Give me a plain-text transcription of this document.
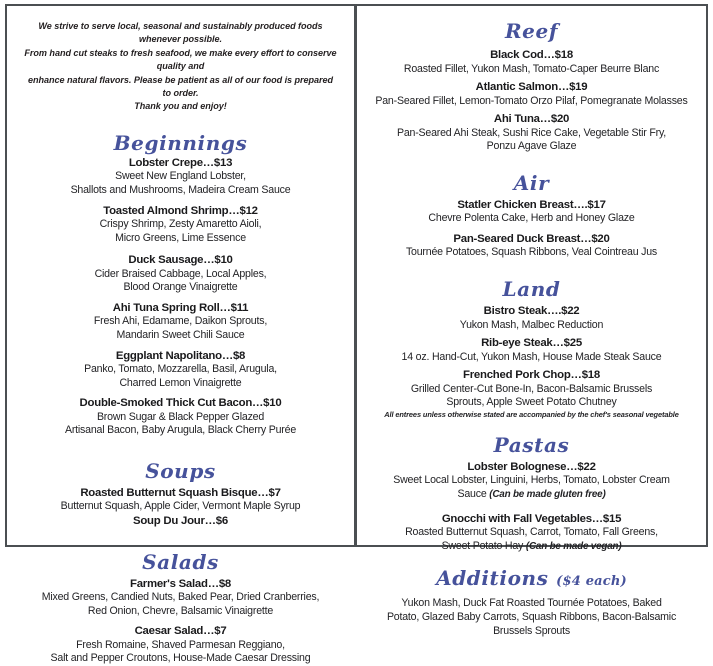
We strive to serve local, seasonal and sustainably produced foods whenever possible.

From hand cut steaks to fresh seafood, we make every effort to conserve quality and

enhance natural flavors. Please be patient as all of our food is prepared to order.

Thank you and enjoy!

Beginnings

Lobster Crepe…$13

Sweet New England Lobster,

Shallots and Mushrooms, Madeira Cream Sauce

Toasted Almond Shrimp…$12

Crispy Shrimp, Zesty Amaretto Aioli,

Micro Greens, Lime Essence

Duck Sausage…$10

Cider Braised Cabbage, Local Apples,

Blood Orange Vinaigrette

Ahi Tuna Spring Roll…$11

Fresh Ahi, Edamame, Daikon Sprouts,

Mandarin Sweet Chili Sauce

Eggplant Napolitano…$8

Panko, Tomato, Mozzarella, Basil, Arugula,

Charred Lemon Vinaigrette

Double-Smoked Thick Cut Bacon…$10

Brown Sugar & Black Pepper Glazed

Artisanal Bacon, Baby Arugula, Black Cherry Purée

Soups

Roasted Butternut Squash Bisque…$7

Butternut Squash, Apple Cider, Vermont Maple Syrup

Soup Du Jour…$6

Salads

Farmer's Salad…$8

Mixed Greens, Candied Nuts, Baked Pear, Dried Cranberries,

Red Onion, Chevre, Balsamic Vinaigrette

Caesar Salad…$7

Fresh Romaine, Shaved Parmesan Reggiano,

Salt and Pepper Croutons, House-Made Caesar Dressing

Reef

Black Cod…$18

Roasted Fillet, Yukon Mash, Tomato-Caper Beurre Blanc

Atlantic Salmon…$19

Pan-Seared Fillet, Lemon-Tomato Orzo Pilaf, Pomegranate Molasses

Ahi Tuna…$20

Pan-Seared Ahi Steak, Sushi Rice Cake, Vegetable Stir Fry,

Ponzu Agave Glaze

Air

Statler Chicken Breast….$17

Chevre Polenta Cake, Herb and Honey Glaze

Pan-Seared Duck Breast…$20

Tournée Potatoes, Squash Ribbons, Veal Cointreau Jus

Land

Bistro Steak….$22

Yukon Mash, Malbec Reduction

Rib-eye Steak…$25

14 oz. Hand-Cut, Yukon Mash, House Made Steak Sauce

Frenched Pork Chop…$18

Grilled Center-Cut Bone-In, Bacon-Balsamic Brussels

Sprouts, Apple Sweet Potato Chutney

All entrees unless otherwise stated are accompanied by the chef's seasonal vegetable

Pastas

Lobster Bolognese…$22

Sweet Local Lobster, Linguini, Herbs, Tomato, Lobster Cream

Sauce (Can be made gluten free)

Gnocchi with Fall Vegetables…$15

Roasted Butternut Squash, Carrot, Tomato, Fall Greens,

Sweet Potato Hay (Can be made vegan)

Additions ($4 each)

Yukon Mash, Duck Fat Roasted Tournée Potatoes, Baked

Potato, Glazed Baby Carrots, Squash Ribbons, Bacon-Balsamic

Brussels Sprouts
